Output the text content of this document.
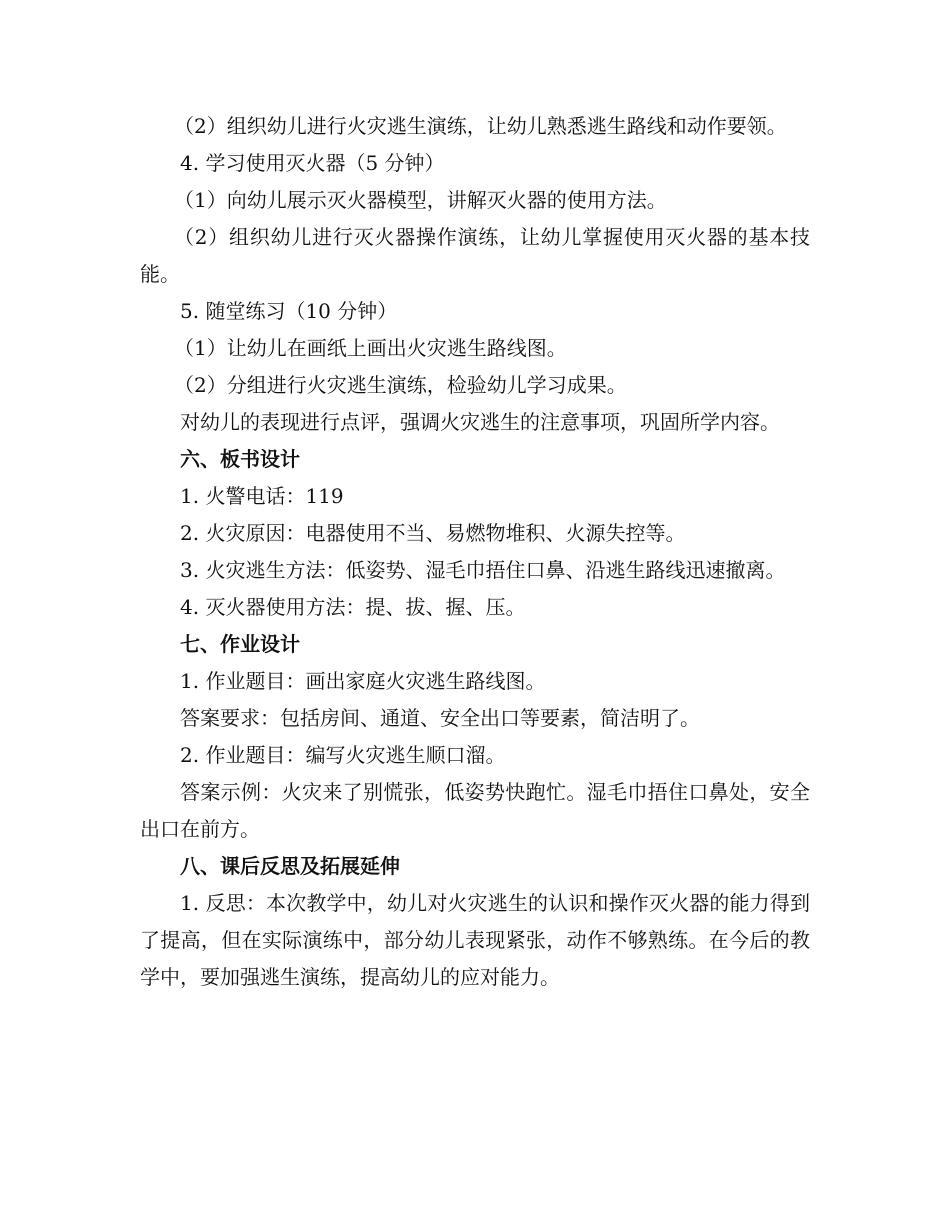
（2）组织幼儿进行火灾逃生演练，让幼儿熟悉逃生路线和动作要领。

4. 学习使用灭火器（5 分钟）

（1）向幼儿展示灭火器模型，讲解灭火器的使用方法。

（2）组织幼儿进行灭火器操作演练，让幼儿掌握使用灭火器的基本技能。

5. 随堂练习（10 分钟）

（1）让幼儿在画纸上画出火灾逃生路线图。

（2）分组进行火灾逃生演练，检验幼儿学习成果。

对幼儿的表现进行点评，强调火灾逃生的注意事项，巩固所学内容。

六、板书设计

1. 火警电话：119

2. 火灾原因：电器使用不当、易燃物堆积、火源失控等。

3. 火灾逃生方法：低姿势、湿毛巾捂住口鼻、沿逃生路线迅速撤离。

4. 灭火器使用方法：提、拔、握、压。

七、作业设计

1. 作业题目：画出家庭火灾逃生路线图。

答案要求：包括房间、通道、安全出口等要素，简洁明了。

2. 作业题目：编写火灾逃生顺口溜。

答案示例：火灾来了别慌张，低姿势快跑忙。湿毛巾捂住口鼻处，安全出口在前方。

八、课后反思及拓展延伸

1. 反思：本次教学中，幼儿对火灾逃生的认识和操作灭火器的能力得到了提高，但在实际演练中，部分幼儿表现紧张，动作不够熟练。在今后的教学中，要加强逃生演练，提高幼儿的应对能力。
